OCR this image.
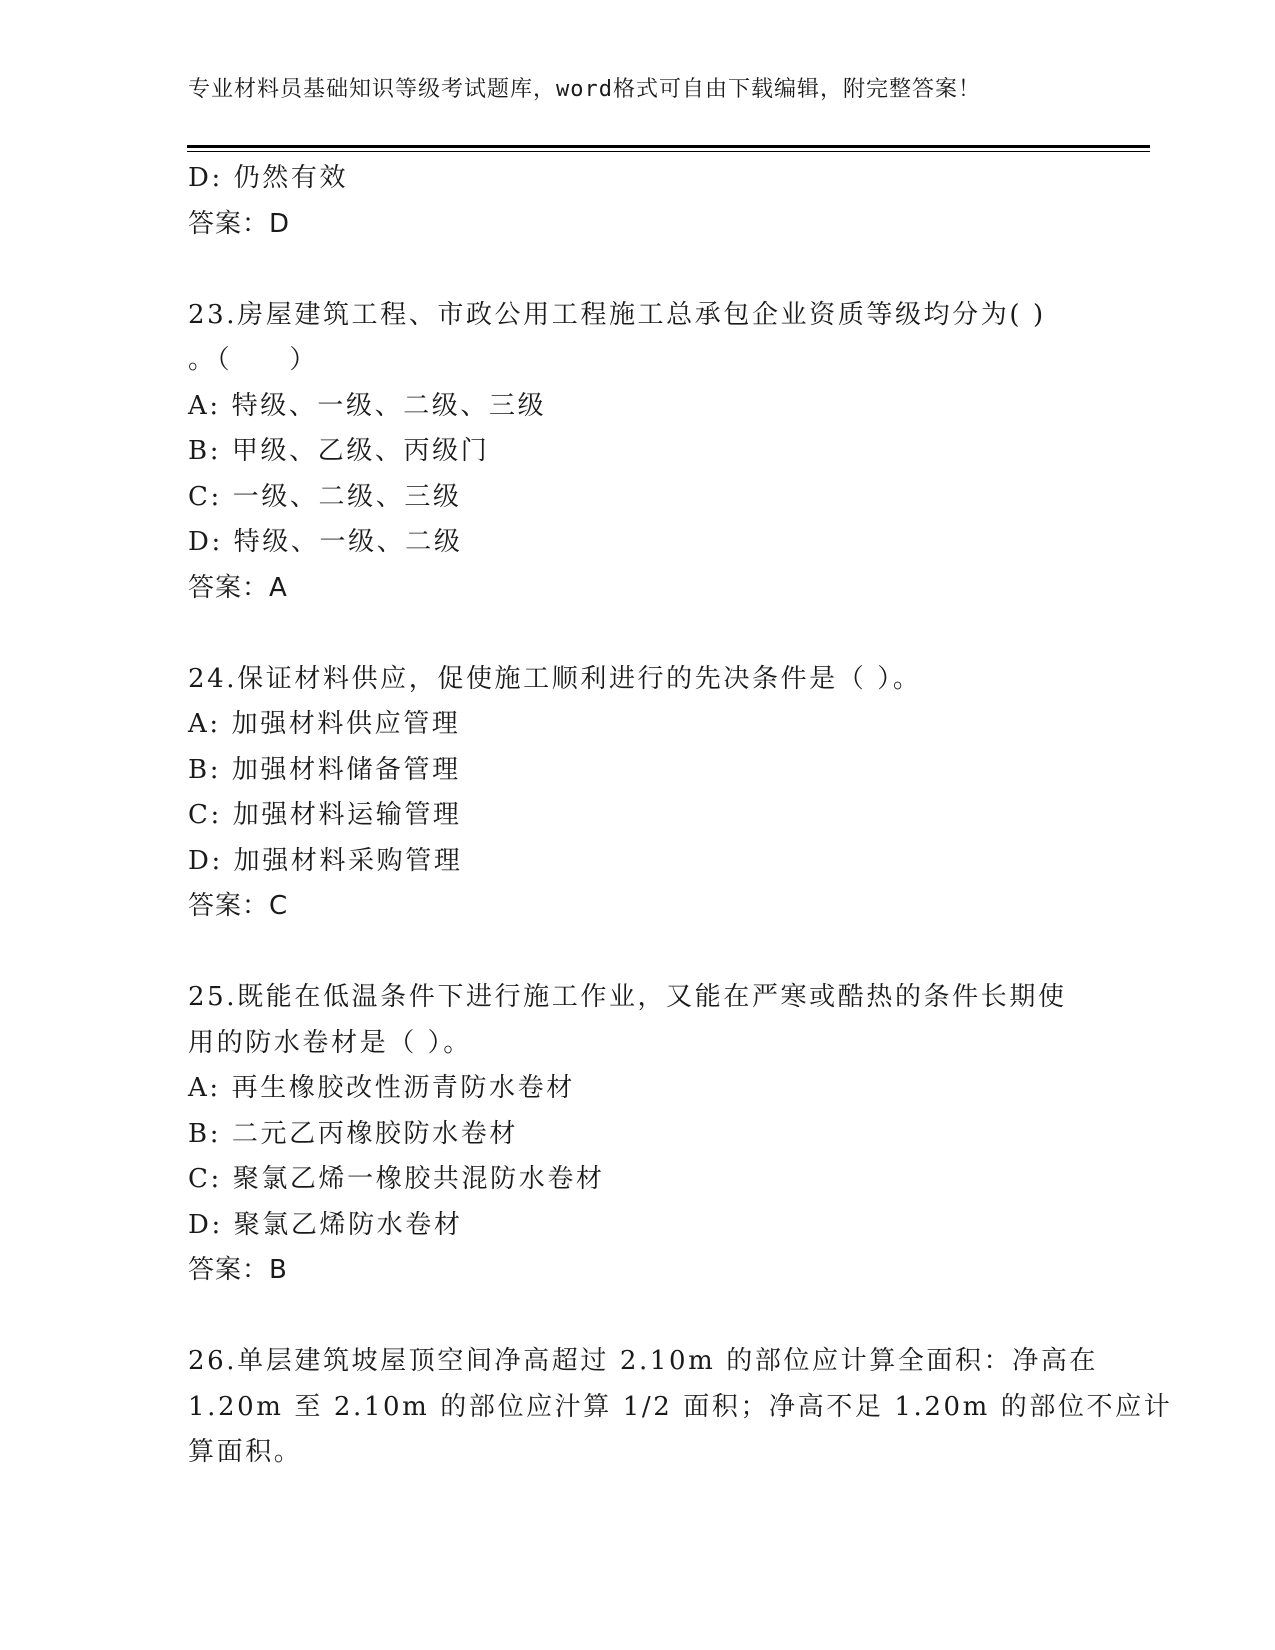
专业材料员基础知识等级考试题库，word格式可自由下载编辑，附完整答案！
D: 仍然有效
答案：D
23.房屋建筑工程、市政公用工程施工总承包企业资质等级均分为( )
。（　　）
A: 特级、一级、二级、三级
B: 甲级、乙级、丙级门
C: 一级、二级、三级
D: 特级、一级、二级
答案：A
24.保证材料供应，促使施工顺利进行的先决条件是（ ）。
A: 加强材料供应管理
B: 加强材料储备管理
C: 加强材料运输管理
D: 加强材料采购管理
答案：C
25.既能在低温条件下进行施工作业，又能在严寒或酷热的条件长期使
用的防水卷材是（ ）。
A: 再生橡胶改性沥青防水卷材
B: 二元乙丙橡胶防水卷材
C: 聚氯乙烯一橡胶共混防水卷材
D: 聚氯乙烯防水卷材
答案：B
26.单层建筑坡屋顶空间净高超过 2.10m 的部位应计算全面积：净高在
1.20m 至 2.10m 的部位应汁算 1/2 面积；净高不足 1.20m 的部位不应计
算面积。
